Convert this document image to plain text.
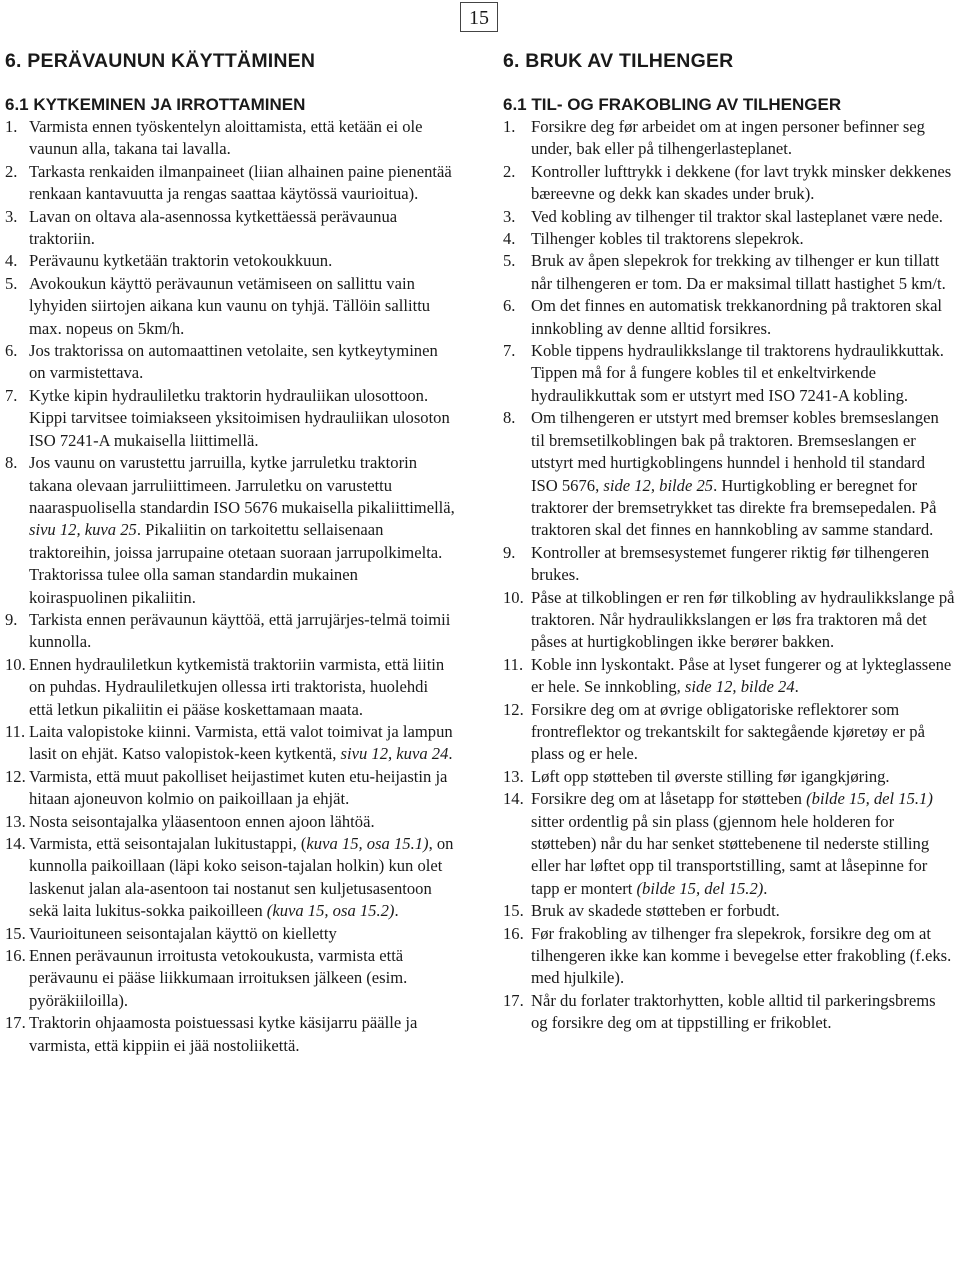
15
6. PERÄVAUNUN KÄYTTÄMINEN
6.1 KYTKEMINEN JA IRROTTAMINEN
1. Varmista ennen työskentelyn aloittamista, että ketään ei ole vaunun alla, takana tai lavalla.
2. Tarkasta renkaiden ilmanpaineet (liian alhainen paine pienentää renkaan kantavuutta ja rengas saattaa käytössä vaurioitua).
3. Lavan on oltava ala-asennossa kytkettäessä perävaunua traktoriin.
4. Perävaunu kytketään traktorin vetokoukkuun.
5. Avokoukun käyttö perävaunun vetämiseen on sallittu vain lyhyiden siirtojen aikana kun vaunu on tyhjä. Tällöin sallittu max. nopeus on 5km/h.
6. Jos traktorissa on automaattinen vetolaite, sen kytkeytyminen on varmistettava.
7. Kytke kipin hydrauliletku traktorin hydrauliikan ulosottoon. Kippi tarvitsee toimiakseen yksitoimisen hydrauliikan ulosoton ISO 7241-A mukaisella liittimellä.
8. Jos vaunu on varustettu jarruilla, kytke jarruletku traktorin takana olevaan jarruliittimeen. Jarruletku on varustettu naaraspuolisella standardin ISO 5676 mukaisella pikaliittimellä, sivu 12, kuva 25. Pikaliitin on tarkoitettu sellaisenaan traktoreihin, joissa jarrupaine otetaan suoraan jarrupolkimelta. Traktorissa tulee olla saman standardin mukainen koiraspuolinen pikaliitin.
9. Tarkista ennen perävaunun käyttöä, että jarrujärjes-telmä toimii kunnolla.
10. Ennen hydrauliletkun kytkemistä traktoriin varmista, että liitin on puhdas. Hydrauliletkujen ollessa irti traktorista, huolehdi että letkun pikaliitin ei pääse koskettamaan maata.
11. Laita valopistoke kiinni. Varmista, että valot toimivat ja lampun lasit on ehjät. Katso valopistok-keen kytkentä, sivu 12, kuva 24.
12. Varmista, että muut pakolliset heijastimet kuten etu-heijastin ja hitaan ajoneuvon kolmio on paikoillaan ja ehjät.
13. Nosta seisontajalka yläasentoon ennen ajoon lähtöä.
14. Varmista, että seisontajalan lukitustappi, (kuva 15, osa 15.1), on kunnolla paikoillaan (läpi koko seison-tajalan holkin) kun olet laskenut jalan ala-asentoon tai nostanut sen kuljetusasentoon sekä laita lukitus-sokka paikoilleen (kuva 15, osa 15.2).
15. Vaurioituneen seisontajalan käyttö on kielletty
16. Ennen perävaunun irroitusta vetokoukusta, varmista että perävaunu ei pääse liikkumaan irroituksen jälkeen (esim. pyöräkiiloilla).
17. Traktorin ohjaamosta poistuessasi kytke käsijarru päälle ja varmista, että kippiin ei jää nostoliikettä.
6. BRUK AV TILHENGER
6.1 TIL- OG FRAKOBLING AV TILHENGER
1. Forsikre deg før arbeidet om at ingen personer befinner seg under, bak eller på tilhengerlasteplanet.
2. Kontroller lufttrykk i dekkene (for lavt trykk minsker dekkenes bæreevne og dekk kan skades under bruk).
3. Ved kobling av tilhenger til traktor skal lasteplanet være nede.
4. Tilhenger kobles til traktorens slepekrok.
5. Bruk av åpen slepekrok for trekking av tilhenger er kun tillatt når tilhengeren er tom. Da er maksimal tillatt hastighet 5 km/t.
6. Om det finnes en automatisk trekkanordning på traktoren skal innkobling av denne alltid forsikres.
7. Koble tippens hydraulikkslange til traktorens hydraulikkuttak. Tippen må for å fungere kobles til et enkeltvirkende hydraulikkuttak som er utstyrt med ISO 7241-A kobling.
8. Om tilhengeren er utstyrt med bremser kobles bremseslangen til bremsetilkoblingen bak på traktoren. Bremseslangen er utstyrt med hurtigkoblingens hunndel i henhold til standard ISO 5676, side 12, bilde 25. Hurtigkobling er beregnet for traktorer der bremsetrykket tas direkte fra bremsepedalen. På traktoren skal det finnes en hannkobling av samme standard.
9. Kontroller at bremsesystemet fungerer riktig før tilhengeren brukes.
10. Påse at tilkoblingen er ren før tilkobling av hydraulikkslange på traktoren. Når hydraulikkslangen er løs fra traktoren må det påses at hurtigkoblingen ikke berører bakken.
11. Koble inn lyskontakt. Påse at lyset fungerer og at lykteglassene er hele. Se innkobling, side 12, bilde 24.
12. Forsikre deg om at øvrige obligatoriske reflektorer som frontreflektor og trekantskilt for saktegående kjøretøy er på plass og er hele.
13. Løft opp støtteben til øverste stilling før igangkjøring.
14. Forsikre deg om at låsetapp for støtteben (bilde 15, del 15.1) sitter ordentlig på sin plass (gjennom hele holderen for støtteben) når du har senket støttebenene til nederste stilling eller har løftet opp til transportstilling, samt at låsepinne for tapp er montert (bilde 15, del 15.2).
15. Bruk av skadede støtteben er forbudt.
16. Før frakobling av tilhenger fra slepekrok, forsikre deg om at tilhengeren ikke kan komme i bevegelse etter frakobling (f.eks. med hjulkile).
17. Når du forlater traktorhytten, koble alltid til parkeringsbrems og forsikre deg om at tippstilling er frikoblet.
